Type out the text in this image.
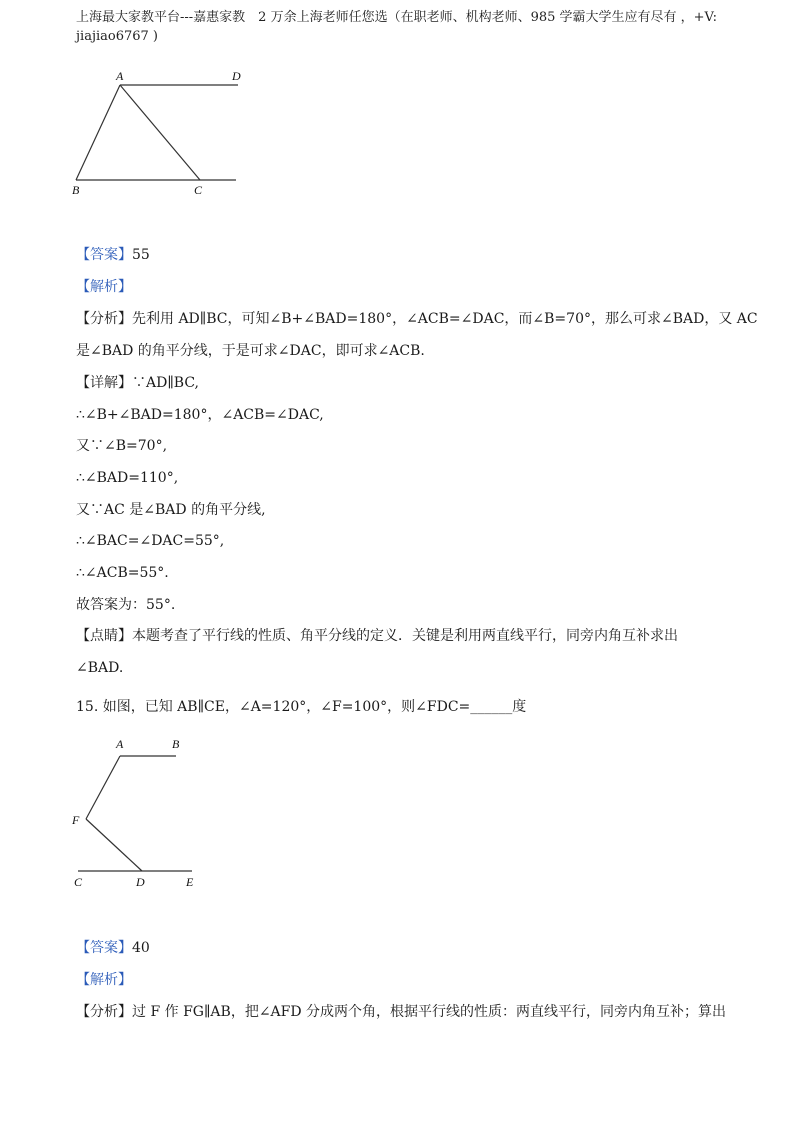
上海最大家教平台---嘉惠家教　2 万余上海老师任您选（在职老师、机构老师、985 学霸大学生应有尽有 ，+V:
jiajiao6767 )
A	D
B	C
【答案】55
【解析】
【分析】先利用 AD∥BC，可知∠B+∠BAD=180°，∠ACB=∠DAC，而∠B=70°，那么可求∠BAD，又 AC
是∠BAD 的角平分线，于是可求∠DAC，即可求∠ACB.
【详解】∵AD∥BC,
∴∠B+∠BAD=180°，∠ACB=∠DAC,
又∵∠B=70°,
∴∠BAD=110°,
又∵AC 是∠BAD 的角平分线,
∴∠BAC=∠DAC=55°,
∴∠ACB=55°.
故答案为：55°.
【点睛】本题考查了平行线的性质、角平分线的定义．关键是利用两直线平行，同旁内角互补求出
∠BAD.
15. 如图，已知 AB∥CE，∠A=120°，∠F=100°，则∠FDC=______度
A	B
F
C	D	E
【答案】40
【解析】
【分析】过 F 作 FG∥AB，把∠AFD 分成两个角，根据平行线的性质：两直线平行，同旁内角互补；算出
